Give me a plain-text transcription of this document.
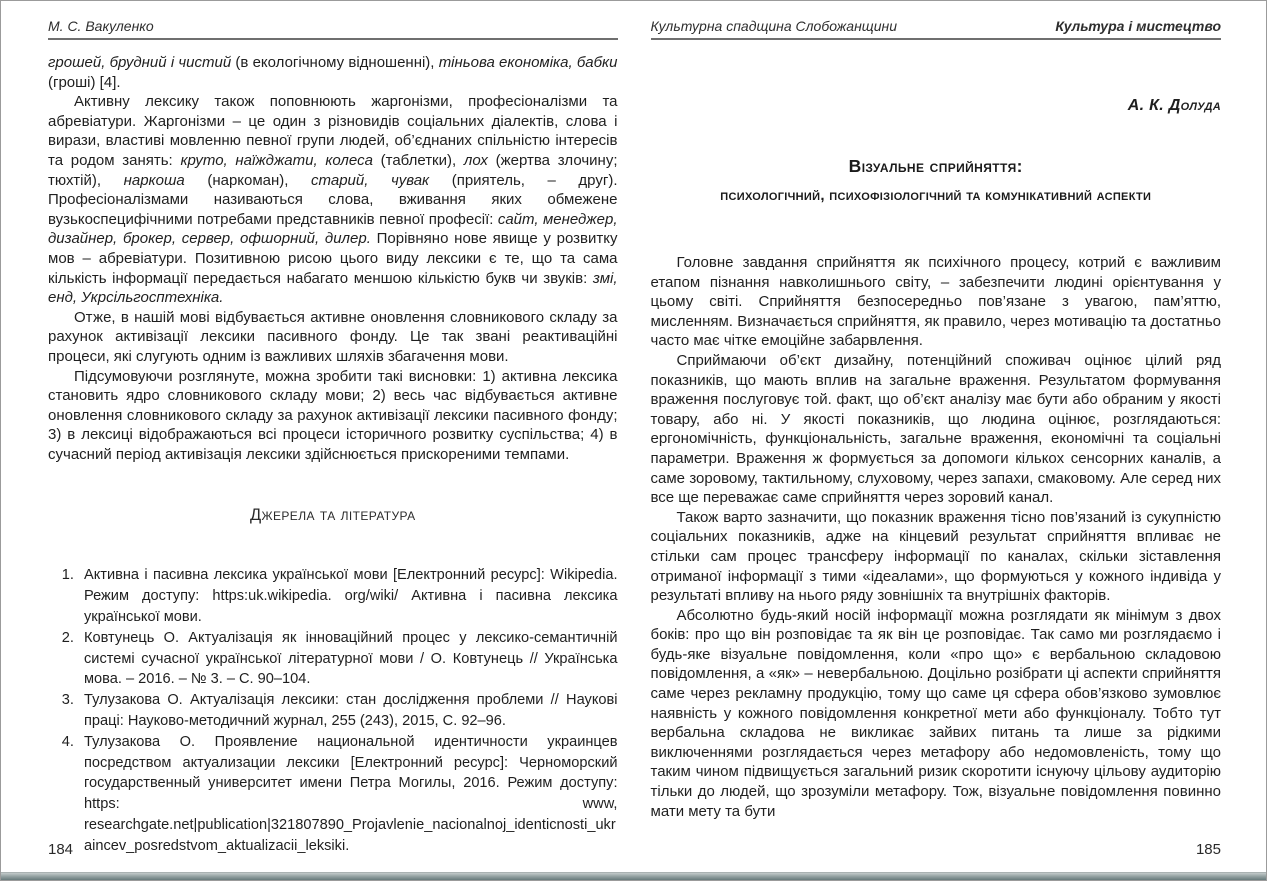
М. С. Вакуленко

грошей, брудний і чистий (в екологічному відношенні), тіньова економіка, бабки (гроші) [4].

Активну лексику також поповнюють жаргонізми, професіоналізми та абревіатури. Жаргонізми – це один з різновидів соціальних діалектів, слова і вирази, властиві мовленню певної групи людей, об’єднаних спільністю інтересів та родом занять: круто, наїжджати, колеса (таблетки), лох (жертва злочину; тюхтій), наркоша (наркоман), старий, чувак (приятель, – друг). Професіоналізмами називаються слова, вживання яких обмежене вузькоспецифічними потребами представників певної професії: сайт, менеджер, дизайнер, брокер, сервер, офшорний, дилер. Порівняно нове явище у розвитку мов – абревіатури. Позитивною рисою цього виду лексики є те, що та сама кількість інформації передається набагато меншою кількістю букв чи звуків: змі, енд, Укрсільгосптехніка.

Отже, в нашій мові відбувається активне оновлення словникового складу за рахунок активізації лексики пасивного фонду. Це так звані реактиваційні процеси, які слугують одним із важливих шляхів збагачення мови.

Підсумовуючи розглянуте, можна зробити такі висновки: 1) активна лексика становить ядро словникового складу мови; 2) весь час відбувається активне оновлення словникового складу за рахунок активізації лексики пасивного фонду; 3) в лексиці відображаються всі процеси історичного розвитку суспільства; 4) в сучасний період активізація лексики здійснюється прискореними темпами.

Джерела та література
1. Активна і пасивна лексика української мови [Електронний ресурс]: Wikipedia. Режим доступу: https:uk.wikipedia. org/wiki/ Активна і пасивна лексика української мови.
2. Ковтунець О. Актуалізація як інноваційний процес у лексико-семантичній системі сучасної української літературної мови / О. Ковтунець // Українська мова. – 2016. – № 3. – С. 90–104.
3. Тулузакова О. Актуалізація лексики: стан дослідження проблеми // Наукові праці: Науково-методичний журнал, 255 (243), 2015, С. 92–96.
4. Тулузакова О. Проявление национальной идентичности украинцев посредством актуализации лексики [Електронний ресурс]: Черноморский государственный университет имени Петра Могилы, 2016. Режим доступу: https: www, researchgate.net|publication|321807890_Projavlenie_nacionalnoj_identicnosti_ukraincev_posredstvom_aktualizacii_leksiki.
184
Культурна спадщина Слобожанщини	Культура і мистецтво
А. К. Долуда
Візуальне сприйняття:
психологічний, психофізіологічний та комунікативний аспекти

Головне завдання сприйняття як психічного процесу, котрий є важливим етапом пізнання навколишнього світу, – забезпечити людині орієнтування у цьому світі. Сприйняття безпосередньо пов’язане з увагою, пам’яттю, мисленням. Визначається сприйняття, як правило, через мотивацію та достатньо часто має чітке емоційне забарвлення.

Сприймаючи об’єкт дизайну, потенційний споживач оцінює цілий ряд показників, що мають вплив на загальне враження. Результатом формування враження послуговує той. факт, що об’єкт аналізу має бути або обраним у якості товару, або ні. У якості показників, що людина оцінює, розглядаються: ергономічність, функціональність, загальне враження, економічні та соціальні параметри. Враження ж формується за допомоги кількох сенсорних каналів, а саме зоровому, тактильному, слуховому, через запахи, смаковому. Але серед них все ще переважає саме сприйняття через зоровий канал.

Також варто зазначити, що показник враження тісно пов’язаний із сукупністю соціальних показників, адже на кінцевий результат сприйняття впливає не стільки сам процес трансферу інформації по каналах, скільки зіставлення отриманої інформації з тими «ідеалами», що формуються у кожного індивіда у результаті впливу на нього ряду зовнішніх та внутрішніх факторів.

Абсолютно будь-який носій інформації можна розглядати як мінімум з двох боків: про що він розповідає та як він це розповідає. Так само ми розглядаємо і будь-яке візуальне повідомлення, коли «про що» є вербальною складовою повідомлення, а «як» – невербальною. Доцільно розібрати ці аспекти сприйняття саме через рекламну продукцію, тому що саме ця сфера обов’язково зумовлює наявність у кожного повідомлення конкретної мети або функціоналу. Тобто тут вербальна складова не викликає зайвих питань та лише за рідкими виключеннями розглядається через метафору або недомовленість, тому що таким чином підвищується загальний ризик скоротити існуючу цільову аудиторію тільки до людей, що зрозуміли метафору. Тож, візуальне повідомлення повинно мати мету та бути

185
